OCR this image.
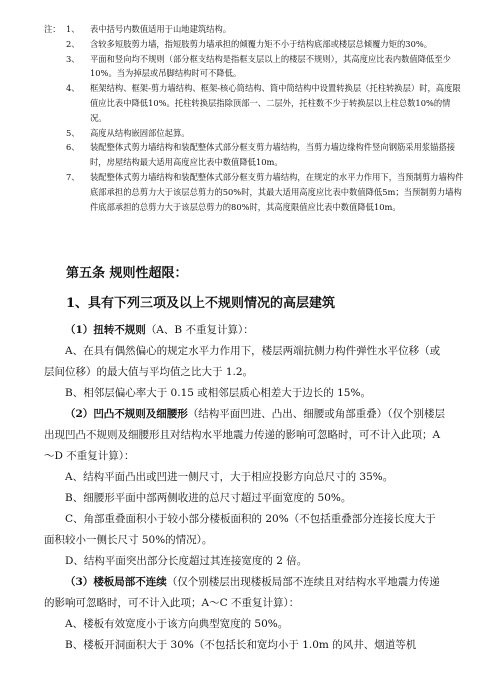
注： 1、	表中括号内数值适用于山地建筑结构。
2、	含较多短肢剪力墙，指短肢剪力墙承担的倾覆力矩不小于结构底部或楼层总倾覆力矩的30%。
3、	平面和竖向均不规则（部分框支结构是指框支层以上的楼层不规则），其高度应比表内数值降低至少10%。当为掉层或吊脚结构时可不降低。
4、	框架结构、框架-剪力墙结构、框架-核心筒结构、筒中筒结构中设置转换层（托柱转换层）时，高度限值应比表中降低10%。托柱转换层指除顶部一、二层外，托柱数不少于转换层以上柱总数10%的情况。
5、	高度从结构嵌固部位起算。
6、	装配整体式剪力墙结构和装配整体式部分框支剪力墙结构，当剪力墙边缘构件竖向钢筋采用浆锚搭接时，房屋结构最大适用高度应比表中数值降低10m。
7、	装配整体式剪力墙结构和装配整体式部分框支剪力墙结构，在规定的水平力作用下，当预制剪力墙构件底部承担的总剪力大于该层总剪力的50%时，其最大适用高度应比表中数值降低5m；当预制剪力墙构件底部承担的总剪力大于该层总剪力的80%时，其高度限值应比表中数值降低10m。
第五条 规则性超限：
1、具有下列三项及以上不规则情况的高层建筑

（1）扭转不规则（A、B 不重复计算）：

A、在具有偶然偏心的规定水平力作用下，楼层两端抗侧力构件弹性水平位移（或层间位移）的最大值与平均值之比大于 1.2。

B、相邻层偏心率大于 0.15 或相邻层质心相差大于边长的 15%。

（2）凹凸不规则及细腰形（结构平面凹进、凸出、细腰或角部重叠）（仅个别楼层出现凹凸不规则及细腰形且对结构水平地震力传递的影响可忽略时，可不计入此项；A～D 不重复计算）：

A、结构平面凸出或凹进一侧尺寸，大于相应投影方向总尺寸的 35%。

B、细腰形平面中部两侧收进的总尺寸超过平面宽度的 50%。

C、角部重叠面积小于较小部分楼板面积的 20%（不包括重叠部分连接长度大于面积较小一侧长尺寸 50%的情况）。

D、结构平面突出部分长度超过其连接宽度的 2 倍。

（3）楼板局部不连续（仅个别楼层出现楼板局部不连续且对结构水平地震力传递的影响可忽略时，可不计入此项；A～C 不重复计算）：

A、楼板有效宽度小于该方向典型宽度的 50%。

B、楼板开洞面积大于 30%（不包括长和宽均小于 1.0m 的风井、烟道等机
